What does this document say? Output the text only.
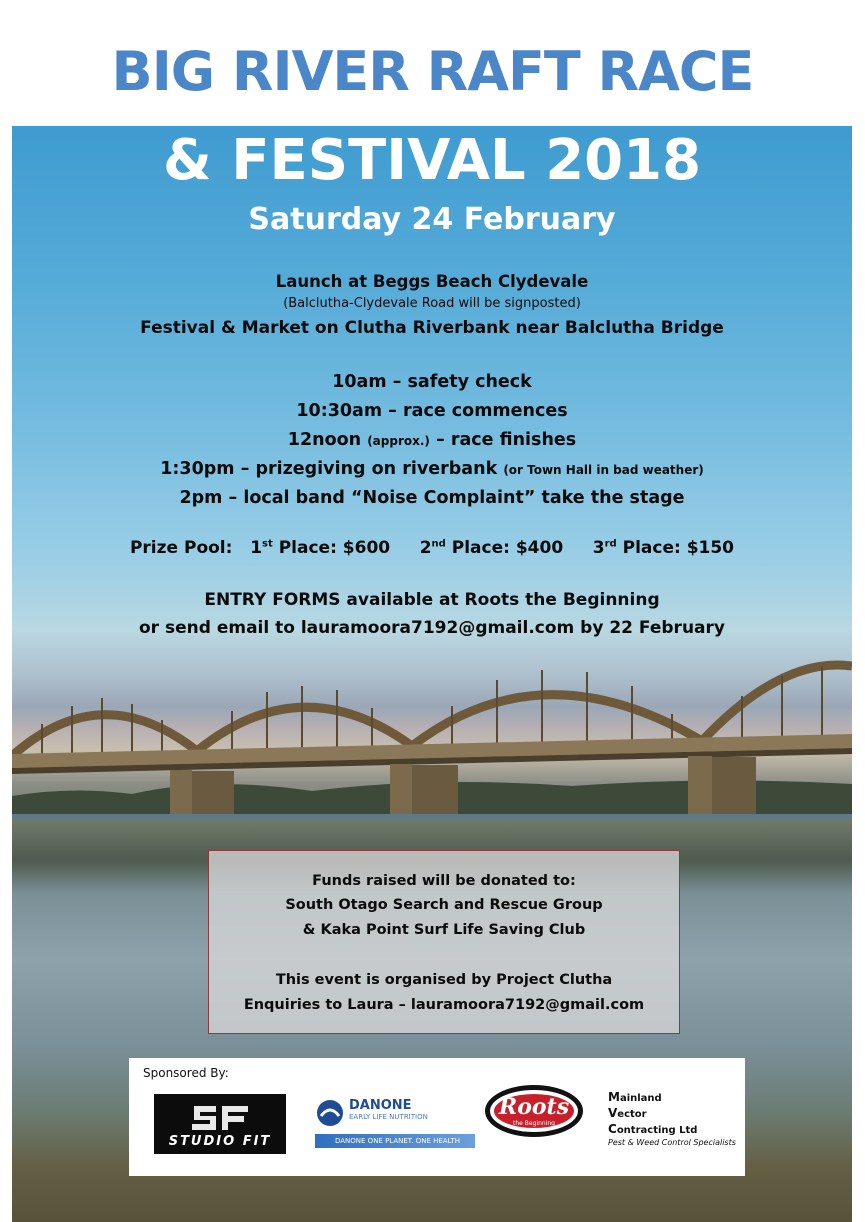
BIG RIVER RAFT RACE

& FESTIVAL 2018

Saturday 24 February

Launch at Beggs Beach Clydevale

(Balclutha-Clydevale Road will be signposted)

Festival & Market on Clutha Riverbank near Balclutha Bridge

10am – safety check

10:30am – race commences

12noon (approx.) – race finishes

1:30pm – prizegiving on riverbank (or Town Hall in bad weather)

2pm – local band “Noise Complaint” take the stage

Prize Pool: 1st Place: $600 2nd Place: $400 3rd Place: $150

ENTRY FORMS available at Roots the Beginning

or send email to lauramoora7192@gmail.com by 22 February

Funds raised will be donated to:

South Otago Search and Rescue Group

& Kaka Point Surf Life Saving Club

This event is organised by Project Clutha

Enquiries to Laura – lauramoora7192@gmail.com

Sponsored By:

STUDIO FIT
DANONE
EARLY LIFE NUTRITION
DANONE ONE PLANET. ONE HEALTH
Roots
the Beginning

Mainland

Vector

Contracting Ltd

Pest & Weed Control Specialists
